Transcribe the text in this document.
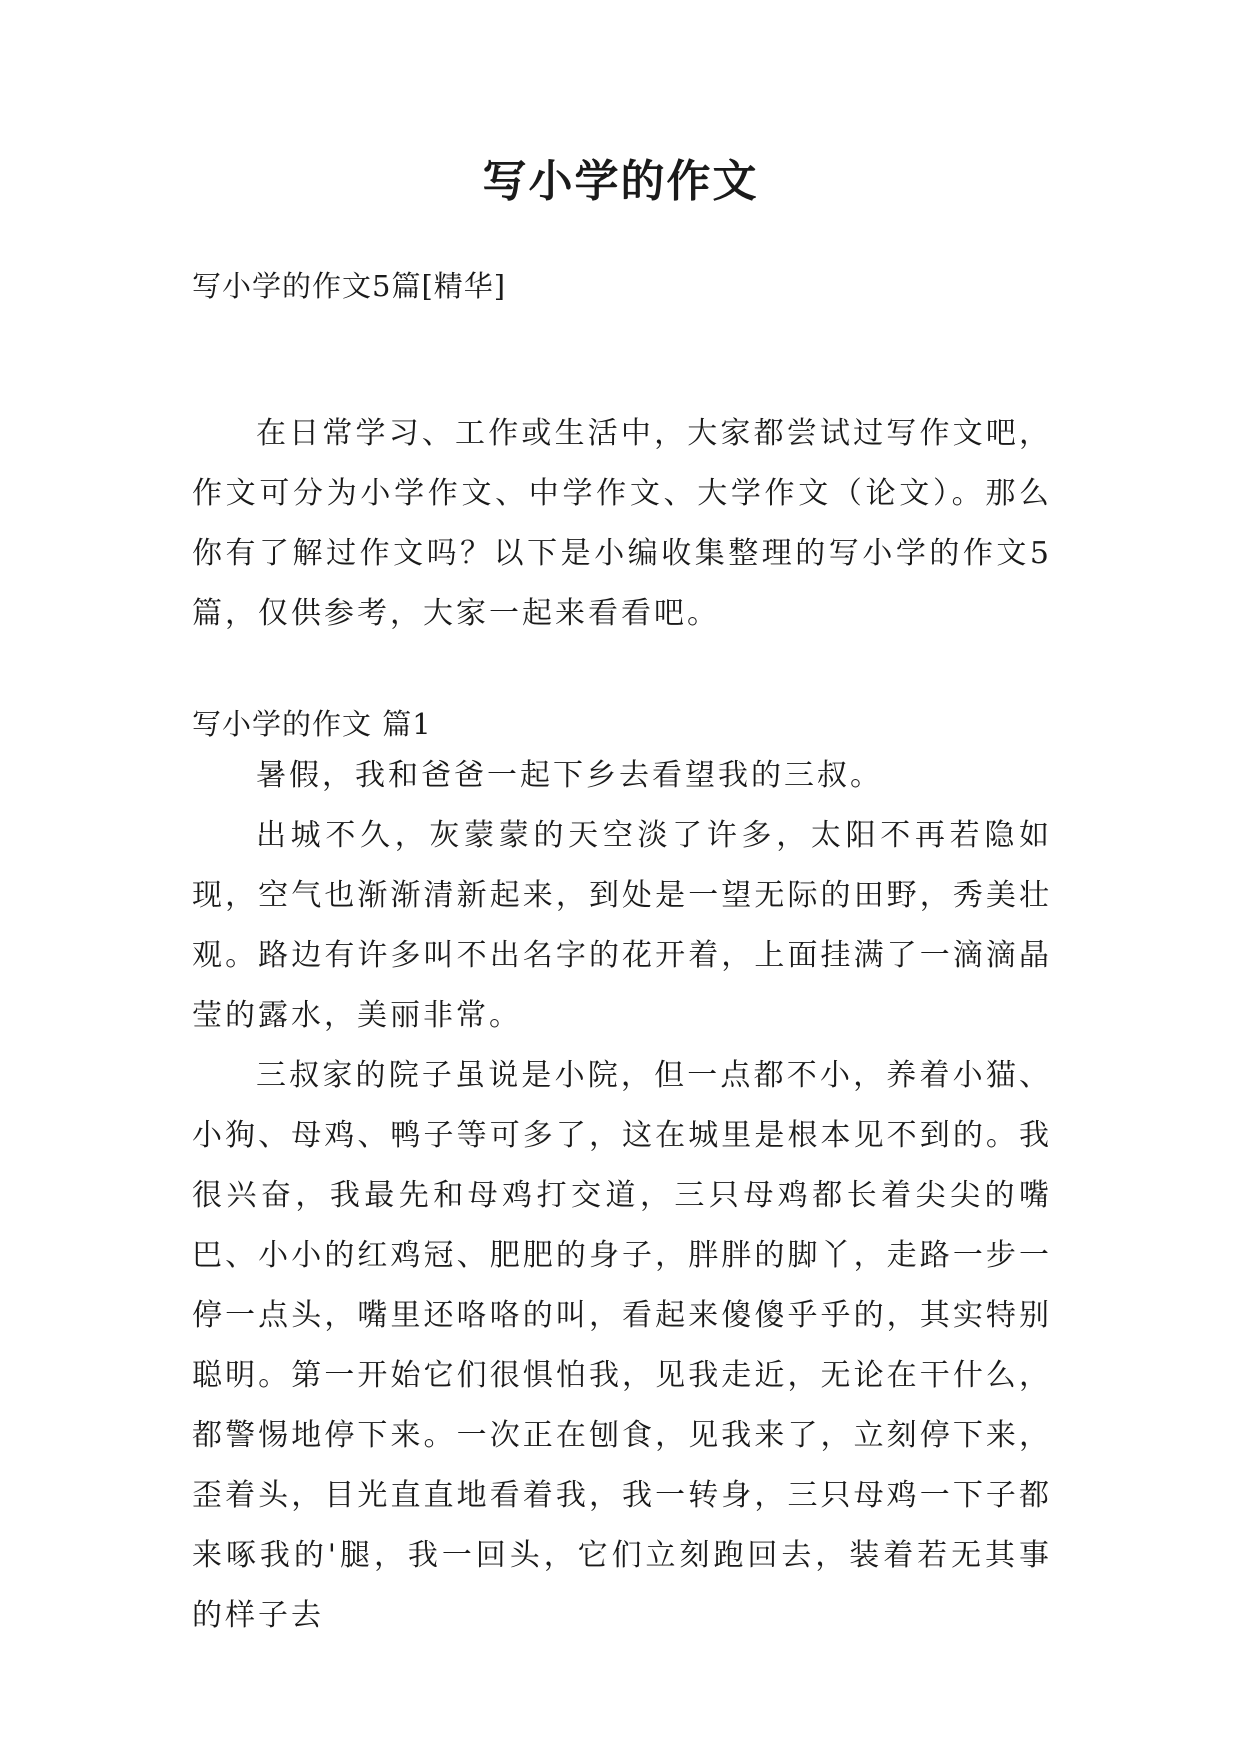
写小学的作文

写小学的作文5篇[精华]

在日常学习、工作或生活中，大家都尝试过写作文吧，作文可分为小学作文、中学作文、大学作文（论文）。那么你有了解过作文吗？以下是小编收集整理的写小学的作文5篇，仅供参考，大家一起来看看吧。

写小学的作文 篇1

暑假，我和爸爸一起下乡去看望我的三叔。

出城不久，灰蒙蒙的天空淡了许多，太阳不再若隐如现，空气也渐渐清新起来，到处是一望无际的田野，秀美壮观。路边有许多叫不出名字的花开着，上面挂满了一滴滴晶莹的露水，美丽非常。

三叔家的院子虽说是小院，但一点都不小，养着小猫、小狗、母鸡、鸭子等可多了，这在城里是根本见不到的。我很兴奋，我最先和母鸡打交道，三只母鸡都长着尖尖的嘴巴、小小的红鸡冠、肥肥的身子，胖胖的脚丫，走路一步一停一点头，嘴里还咯咯的叫，看起来傻傻乎乎的，其实特别聪明。第一开始它们很惧怕我，见我走近，无论在干什么，都警惕地停下来。一次正在刨食，见我来了，立刻停下来，歪着头，目光直直地看着我，我一转身，三只母鸡一下子都来啄我的'腿，我一回头，它们立刻跑回去，装着若无其事的样子去
